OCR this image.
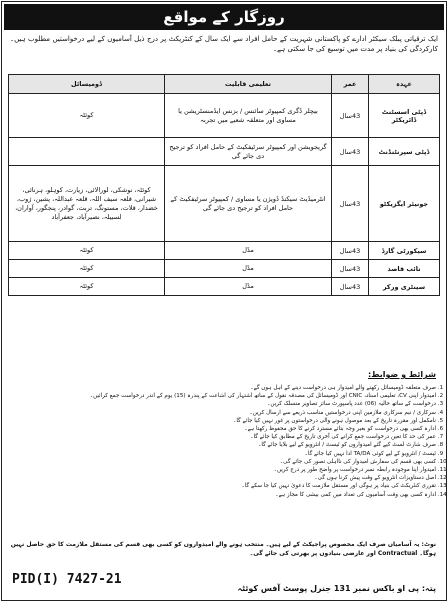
روزگار کے مواقع
ایک ترقیاتی پبلک سیکٹر ادارے کو پاکستانی شہریت کے حامل افراد سے ایک سال کے کنٹریکٹ پر درج ذیل آسامیوں کے لیے درخواستیں مطلوب ہیں۔ کارکردگی کی بنیاد پر مدت میں توسیع کی جا سکتی ہے۔
عہدہ	عمر	تعلیمی قابلیت	ڈومیسائل
ڈپٹی اسسٹنٹ ڈائریکٹر	43سال	بیچلر ڈگری کمپیوٹر سائنس / بزنس ایڈمنسٹریشن یا مساوی اور متعلقہ شعبے میں تجربہ	کوئٹہ
ڈپٹی سپرنٹنڈنٹ	43سال	گریجویشن اور کمپیوٹر سرٹیفکیٹ کے حامل افراد کو ترجیح دی جائے گی	
جونیئر ایگزیکٹو	43سال	انٹرمیڈیٹ سیکنڈ ڈویژن یا مساوی / کمپیوٹر سرٹیفکیٹ کے حامل افراد کو ترجیح دی جائے گی	کوئٹہ، نوشکی، لورالائی، زیارت، کوہلو، ہرنائی، شیرانی، قلعہ سیف اللہ، قلعہ عبداللہ، پشین، ژوب، خضدار، قلات، مستونگ، تربت، گوادر، پنجگور، آواران، لسبیلہ، نصیرآباد، جعفرآباد
سیکورٹی گارڈ	43سال	مڈل	کوئٹہ
نائب قاصد	43سال	مڈل	کوئٹہ
سینٹری ورکر	43سال	مڈل	کوئٹہ
شرائط و ضوابط:
1. صرف متعلقہ ڈومیسائل رکھنے والے امیدوار ہی درخواست دینے کے اہل ہوں گے۔
2. امیدوار اپنی CV، تعلیمی اسناد، CNIC اور ڈومیسائل کی مصدقہ نقول کے ساتھ اشتہار کی اشاعت کے پندرہ (15) یوم کے اندر درخواست جمع کرائیں۔
3. درخواست کے ساتھ حالیہ (06) عدد پاسپورٹ سائز تصاویر منسلک کریں۔
4. سرکاری / نیم سرکاری ملازمین اپنی درخواستیں مناسب ذریعے سے ارسال کریں۔
5. نامکمل اور مقررہ تاریخ کے بعد موصول ہونے والی درخواستوں پر غور نہیں کیا جائے گا۔
6. ادارہ کسی بھی درخواست کو بغیر وجہ بتائے مسترد کرنے کا حق محفوظ رکھتا ہے۔
7. عمر کی حد کا تعین درخواست جمع کرانے کی آخری تاریخ کے مطابق کیا جائے گا۔
8. صرف شارٹ لسٹ کیے گئے امیدواروں کو ٹیسٹ / انٹرویو کے لیے بلایا جائے گا۔
9. ٹیسٹ / انٹرویو کے لیے کوئی TA/DA ادا نہیں کیا جائے گا۔
10. کسی بھی قسم کی سفارش امیدوار کی نااہلی تصور کی جائے گی۔
11. امیدوار اپنا موجودہ رابطہ نمبر درخواست پر واضح طور پر درج کریں۔
12. اصل دستاویزات انٹرویو کے وقت پیش کرنا ہوں گی۔
13. تقرری کنٹریکٹ کی بنیاد پر ہوگی اور مستقل ملازمت کا دعویٰ نہیں کیا جا سکے گا۔
14. ادارہ کسی بھی وقت آسامیوں کی تعداد میں کمی بیشی کا مجاز ہے۔
نوٹ: یہ آسامیاں صرف ایک مخصوص پراجیکٹ کے لیے ہیں۔ منتخب ہونے والے امیدواروں کو کسی بھی قسم کی مستقل ملازمت کا حق حاصل نہیں ہوگا۔ Contractual اور عارضی بنیادوں پر بھرتی کی جائے گی۔
PID(I) 7427-21
پتہ: پی او باکس نمبر 131 جنرل پوسٹ آفس کوئٹہ
